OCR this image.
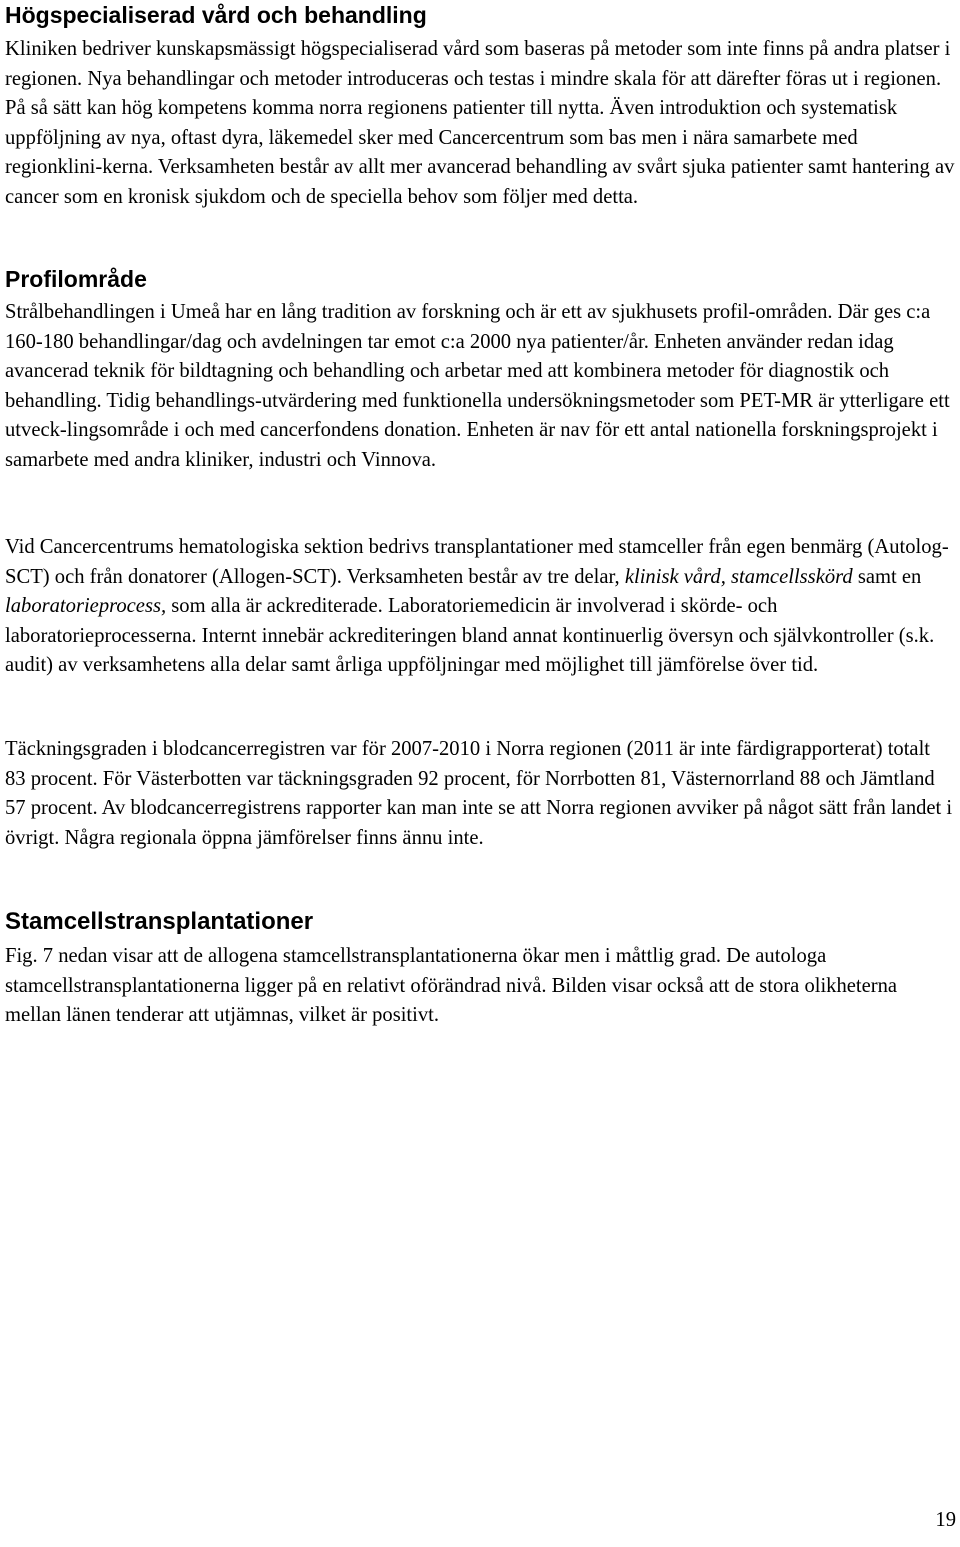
Högspecialiserad vård och behandling

Kliniken bedriver kunskapsmässigt högspecialiserad vård som baseras på metoder som inte finns på andra platser i regionen. Nya behandlingar och metoder introduceras och testas i mindre skala för att därefter föras ut i regionen. På så sätt kan hög kompetens komma norra regionens patienter till nytta. Även introduktion och systematisk uppföljning av nya, oftast dyra, läkemedel sker med Cancercentrum som bas men i nära samarbete med regionklini-kerna. Verksamheten består av allt mer avancerad behandling av svårt sjuka patienter samt hantering av cancer som en kronisk sjukdom och de speciella behov som följer med detta.

Profilområde

Strålbehandlingen i Umeå har en lång tradition av forskning och är ett av sjukhusets profil-områden. Där ges c:a 160-180 behandlingar/dag och avdelningen tar emot c:a 2000 nya patienter/år. Enheten använder redan idag avancerad teknik för bildtagning och behandling och arbetar med att kombinera metoder för diagnostik och behandling. Tidig behandlings-utvärdering med funktionella undersökningsmetoder som PET-MR är ytterligare ett utveck-lingsområde i och med cancerfondens donation. Enheten är nav för ett antal nationella forskningsprojekt i samarbete med andra kliniker, industri och Vinnova.

Vid Cancercentrums hematologiska sektion bedrivs transplantationer med stamceller från egen benmärg (Autolog-SCT) och från donatorer (Allogen-SCT). Verksamheten består av tre delar, klinisk vård, stamcellsskörd samt en laboratorieprocess, som alla är ackrediterade. Laboratoriemedicin är involverad i skörde- och laboratorieprocesserna. Internt innebär ackrediteringen bland annat kontinuerlig översyn och självkontroller (s.k. audit) av verksamhetens alla delar samt årliga uppföljningar med möjlighet till jämförelse över tid.

Täckningsgraden i blodcancerregistren var för 2007-2010 i Norra regionen (2011 är inte färdigrapporterat) totalt 83 procent. För Västerbotten var täckningsgraden 92 procent, för Norrbotten 81, Västernorrland 88 och Jämtland 57 procent. Av blodcancerregistrens rapporter kan man inte se att Norra regionen avviker på något sätt från landet i övrigt. Några regionala öppna jämförelser finns ännu inte.

Stamcellstransplantationer

Fig. 7 nedan visar att de allogena stamcellstransplantationerna ökar men i måttlig grad. De autologa stamcellstransplantationerna ligger på en relativt oförändrad nivå. Bilden visar också att de stora olikheterna mellan länen tenderar att utjämnas, vilket är positivt.

19
